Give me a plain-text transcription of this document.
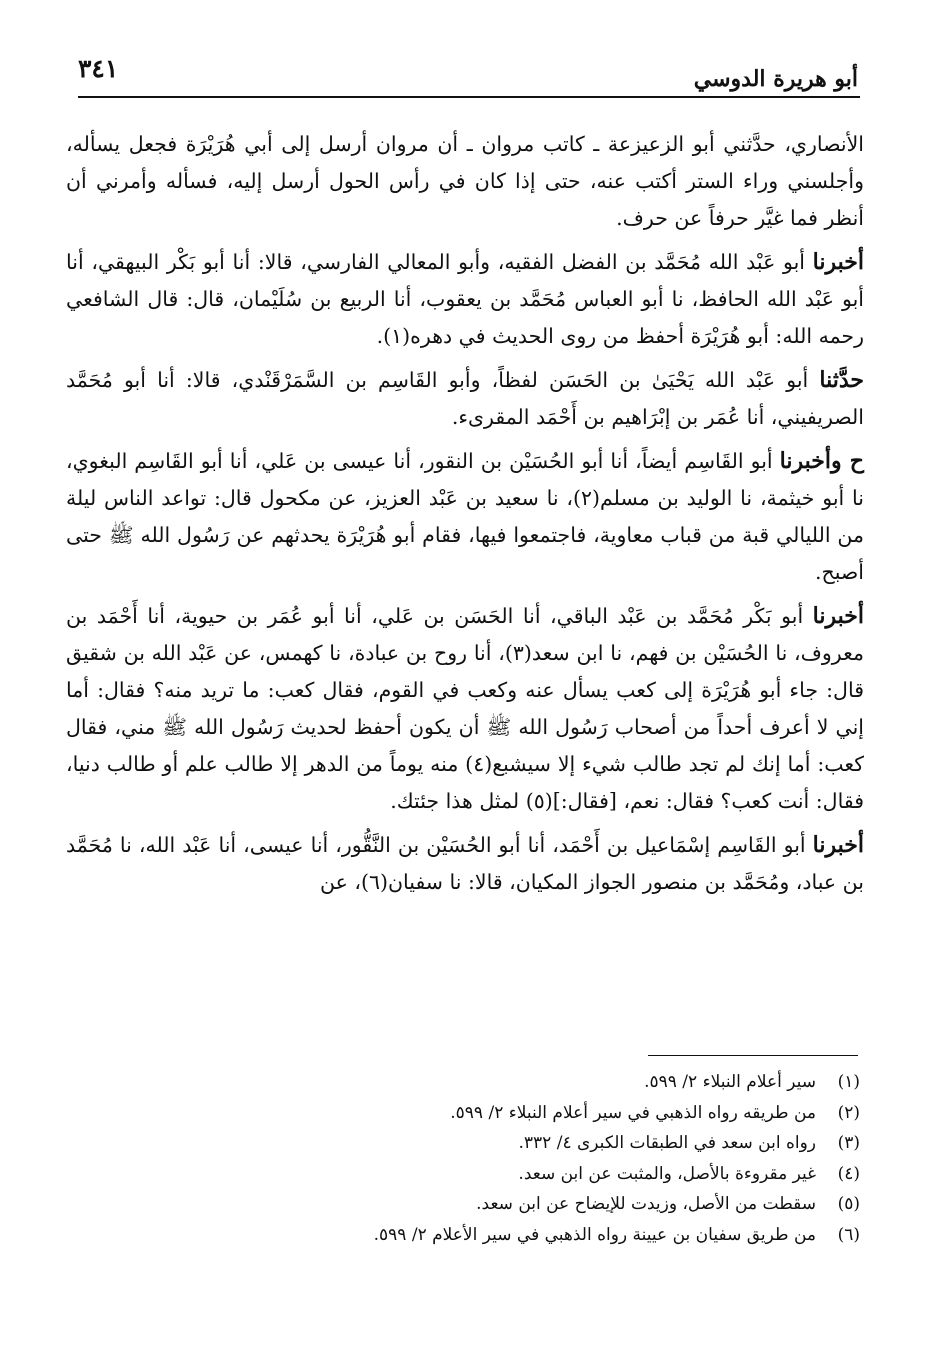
٣٤١	أبو هريرة الدوسي

الأنصاري، حدَّثني أبو الزعيزعة ـ كاتب مروان ـ أن مروان أرسل إلى أبي هُرَيْرَة فجعل يسأله، وأجلسني وراء الستر أكتب عنه، حتى إذا كان في رأس الحول أرسل إليه، فسأله وأمرني أن أنظر فما غيَّر حرفاً عن حرف.

أخبرنا أبو عَبْد الله مُحَمَّد بن الفضل الفقيه، وأبو المعالي الفارسي، قالا: أنا أبو بَكْر البيهقي، أنا أبو عَبْد الله الحافظ، نا أبو العباس مُحَمَّد بن يعقوب، أنا الربيع بن سُلَيْمان، قال: قال الشافعي رحمه الله: أبو هُرَيْرَة أحفظ من روى الحديث في دهره(١).

حدَّثنا أبو عَبْد الله يَحْيَىٰ بن الحَسَن لفظاً، وأبو القَاسِم بن السَّمَرْقَنْدي، قالا: أنا أبو مُحَمَّد الصريفيني، أنا عُمَر بن إبْرَاهيم بن أَحْمَد المقرىء.

ح وأخبرنا أبو القَاسِم أيضاً، أنا أبو الحُسَيْن بن النقور، أنا عيسى بن عَلي، أنا أبو القَاسِم البغوي، نا أبو خيثمة، نا الوليد بن مسلم(٢)، نا سعيد بن عَبْد العزيز، عن مكحول قال: تواعد الناس ليلة من الليالي قبة من قباب معاوية، فاجتمعوا فيها، فقام أبو هُرَيْرَة يحدثهم عن رَسُول الله ﷺ حتى أصبح.

أخبرنا أبو بَكْر مُحَمَّد بن عَبْد الباقي، أنا الحَسَن بن عَلي، أنا أبو عُمَر بن حيوية، أنا أَحْمَد بن معروف، نا الحُسَيْن بن فهم، نا ابن سعد(٣)، أنا روح بن عبادة، نا كهمس، عن عَبْد الله بن شقيق قال: جاء أبو هُرَيْرَة إلى كعب يسأل عنه وكعب في القوم، فقال كعب: ما تريد منه؟ فقال: أما إني لا أعرف أحداً من أصحاب رَسُول الله ﷺ أن يكون أحفظ لحديث رَسُول الله ﷺ مني، فقال كعب: أما إنك لم تجد طالب شيء إلا سيشبع(٤) منه يوماً من الدهر إلا طالب علم أو طالب دنيا، فقال: أنت كعب؟ فقال: نعم، [فقال:](٥) لمثل هذا جئتك.

أخبرنا أبو القَاسِم إسْمَاعيل بن أَحْمَد، أنا أبو الحُسَيْن بن النَّقُّور، أنا عيسى، أنا عَبْد الله، نا مُحَمَّد بن عباد، ومُحَمَّد بن منصور الجواز المكيان، قالا: نا سفيان(٦)، عن

(١)
سير أعلام النبلاء ٢/ ٥٩٩.
(٢)
من طريقه رواه الذهبي في سير أعلام النبلاء ٢/ ٥٩٩.
(٣)
رواه ابن سعد في الطبقات الكبرى ٤/ ٣٣٢.
(٤)
غير مقروءة بالأصل، والمثبت عن ابن سعد.
(٥)
سقطت من الأصل، وزيدت للإيضاح عن ابن سعد.
(٦)
من طريق سفيان بن عيينة رواه الذهبي في سير الأعلام ٢/ ٥٩٩.
